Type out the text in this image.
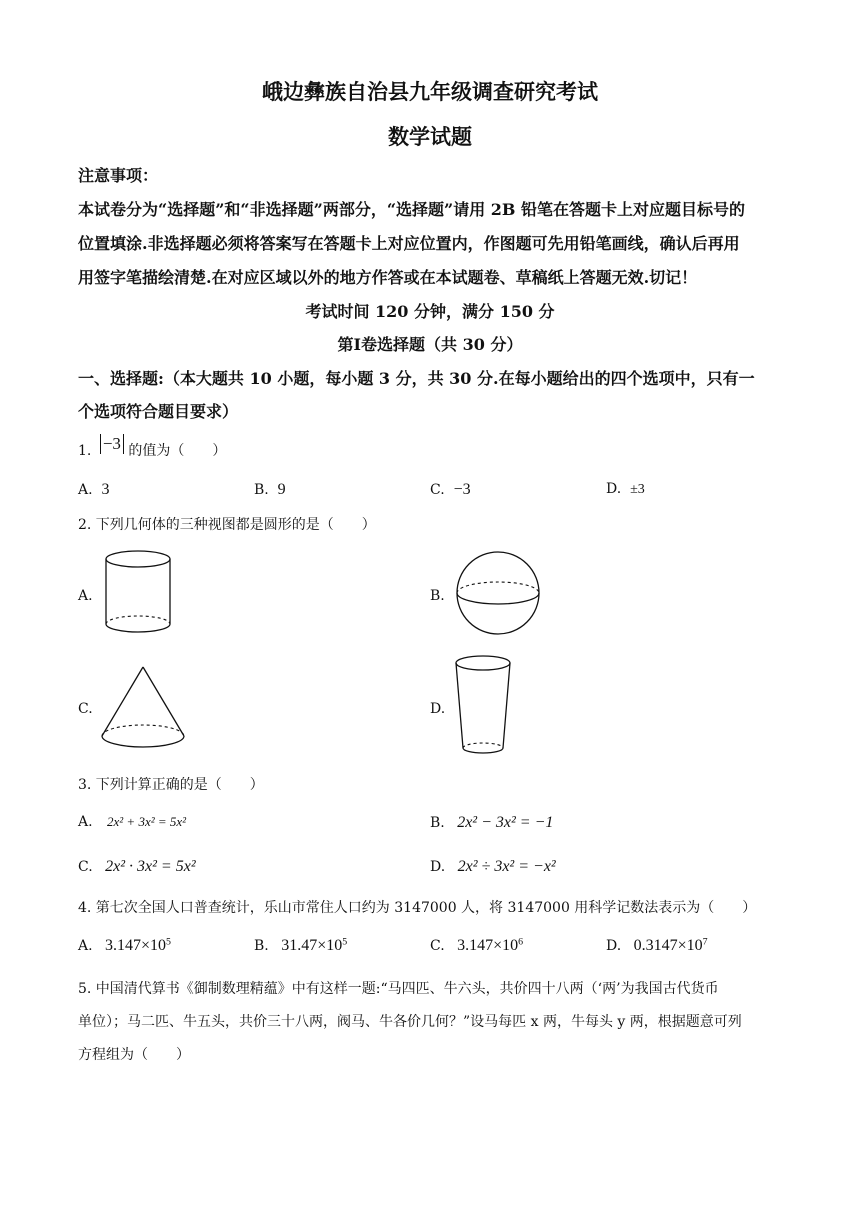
峨边彝族自治县九年级调查研究考试
数学试题
注意事项：
本试卷分为“选择题”和“非选择题”两部分，“选择题”请用 2B 铅笔在答题卡上对应题目标号的
位置填涂.非选择题必须将答案写在答题卡上对应位置内，作图题可先用铅笔画线，确认后再用
用签字笔描绘清楚.在对应区域以外的地方作答或在本试题卷、草稿纸上答题无效.切记！
考试时间 120 分钟，满分 150 分
第Ⅰ卷选择题（共 30 分）
一、选择题:（本大题共 10 小题，每小题 3 分，共 30 分.在每小题给出的四个选项中，只有一
个选项符合题目要求）
1. −3 的值为（　　）
A. 3	B. 9	C. −3	D. ±3
2. 下列几何体的三种视图都是圆形的是（　　）
A.	B.
C.	D.
3. 下列计算正确的是（　　）
A. 2x² + 3x² = 5x²	B. 2x² − 3x² = −1
C. 2x² · 3x² = 5x²	D. 2x² ÷ 3x² = −x²
4. 第七次全国人口普查统计，乐山市常住人口约为 3147000 人，将 3147000 用科学记数法表示为（　　）
A. $3.147\times 10^5$	B. $31.47\times 10^5$	C. $3.147\times 10^6$	D. $0.3147\times 10^7$
5. 中国清代算书《御制数理精蕴》中有这样一题:“马四匹、牛六头，共价四十八两（‘两’为我国古代货币
单位）；马二匹、牛五头，共价三十八两，阀马、牛各价几何？”设马每匹 x 两，牛每头 y 两，根据题意可列
方程组为（　　）
